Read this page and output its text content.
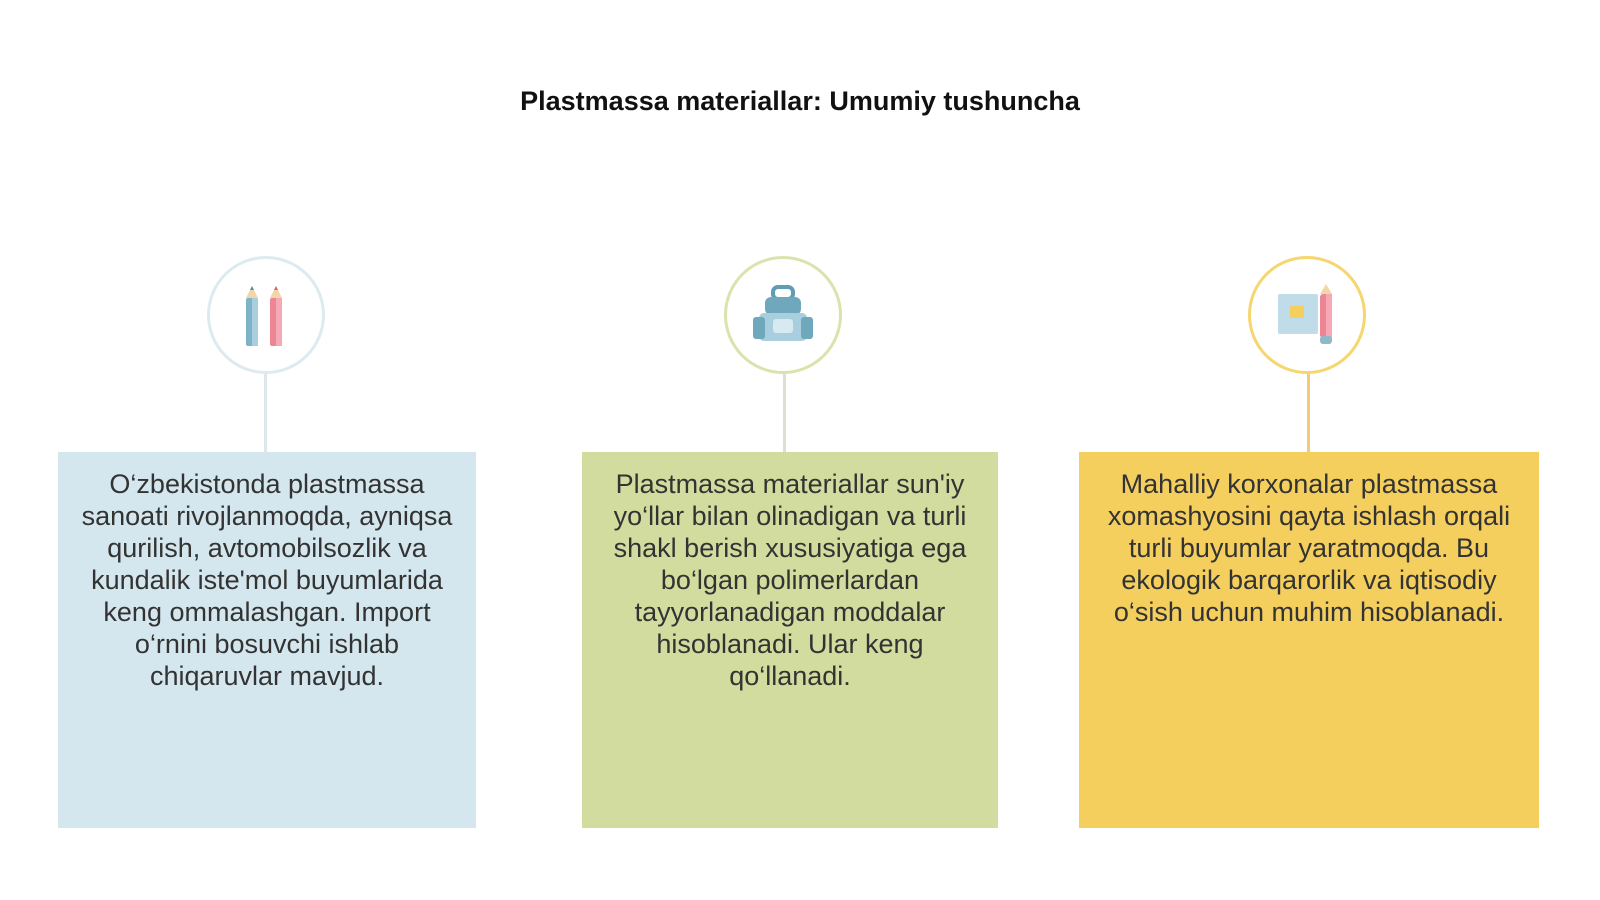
Plastmassa materiallar: Umumiy tushuncha

O‘zbekistonda plastmassa sanoati rivojlanmoqda, ayniqsa qurilish, avtomobilsozlik va kundalik iste'mol buyumlarida keng ommalashgan. Import o‘rnini bosuvchi ishlab chiqaruvlar mavjud.

Plastmassa materiallar sun'iy yo‘llar bilan olinadigan va turli shakl berish xususiyatiga ega bo‘lgan polimerlardan tayyorlanadigan moddalar hisoblanadi. Ular keng qo‘llanadi.

Mahalliy korxonalar plastmassa xomashyosini qayta ishlash orqali turli buyumlar yaratmoqda. Bu ekologik barqarorlik va iqtisodiy o‘sish uchun muhim hisoblanadi.
